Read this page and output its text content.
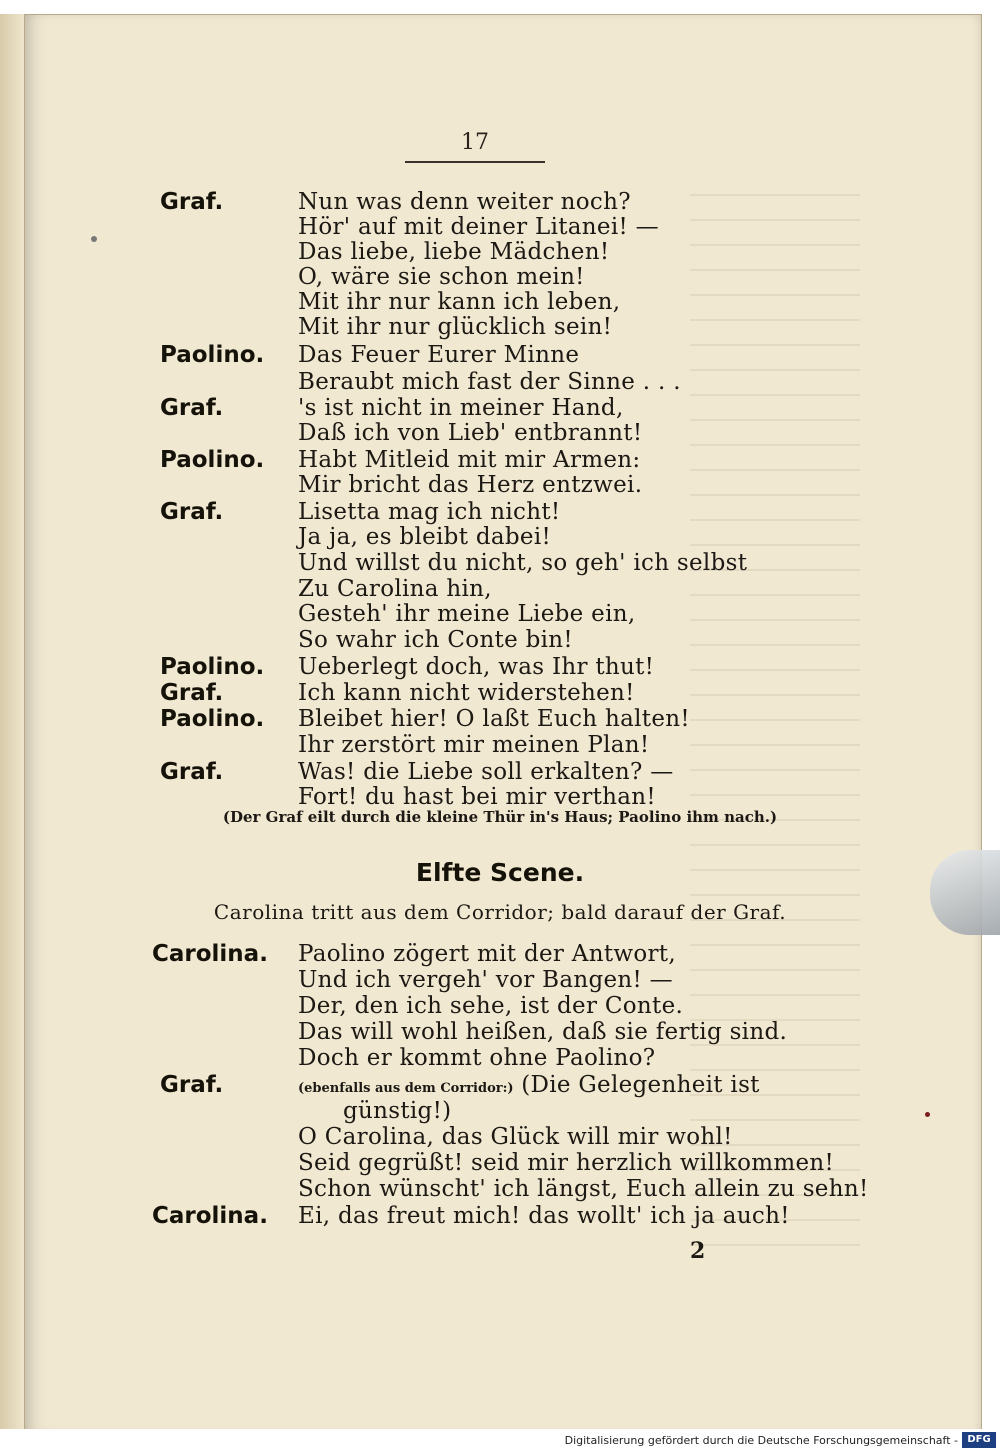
17
Graf.	Nun was denn weiter noch?
Hör' auf mit deiner Litanei! —
Das liebe, liebe Mädchen!
O, wäre sie schon mein!
Mit ihr nur kann ich leben,
Mit ihr nur glücklich sein!
Paolino. Das Feuer Eurer Minne
Beraubt mich fast der Sinne . . .
Graf.	's ist nicht in meiner Hand,
Daß ich von Lieb' entbrannt!
Paolino. Habt Mitleid mit mir Armen:
Mir bricht das Herz entzwei.
Graf.	Lisetta mag ich nicht!
Ja ja, es bleibt dabei!
Und willst du nicht, so geh' ich selbst
Zu Carolina hin,
Gesteh' ihr meine Liebe ein,
So wahr ich Conte bin!
Paolino. Ueberlegt doch, was Ihr thut!
Graf.	Ich kann nicht widerstehen!
Paolino. Bleibet hier! O laßt Euch halten!
Ihr zerstört mir meinen Plan!
Graf.	Was! die Liebe soll erkalten? —
Fort! du hast bei mir verthan!
(Der Graf eilt durch die kleine Thür in's Haus; Paolino ihm nach.)
Elfte Scene.
Carolina tritt aus dem Corridor; bald darauf der Graf.
Carolina. Paolino zögert mit der Antwort,
Und ich vergeh' vor Bangen! —
Der, den ich sehe, ist der Conte.
Das will wohl heißen, daß sie fertig sind.
Doch er kommt ohne Paolino?
Graf.	(ebenfalls aus dem Corridor:) (Die Gelegenheit ist
günstig!)
O Carolina, das Glück will mir wohl!
Seid gegrüßt! seid mir herzlich willkommen!
Schon wünscht' ich längst, Euch allein zu sehn!
Carolina. Ei, das freut mich! das wollt' ich ja auch!
2
Digitalisierung gefördert durch die Deutsche Forschungsgemeinschaft - DFG
